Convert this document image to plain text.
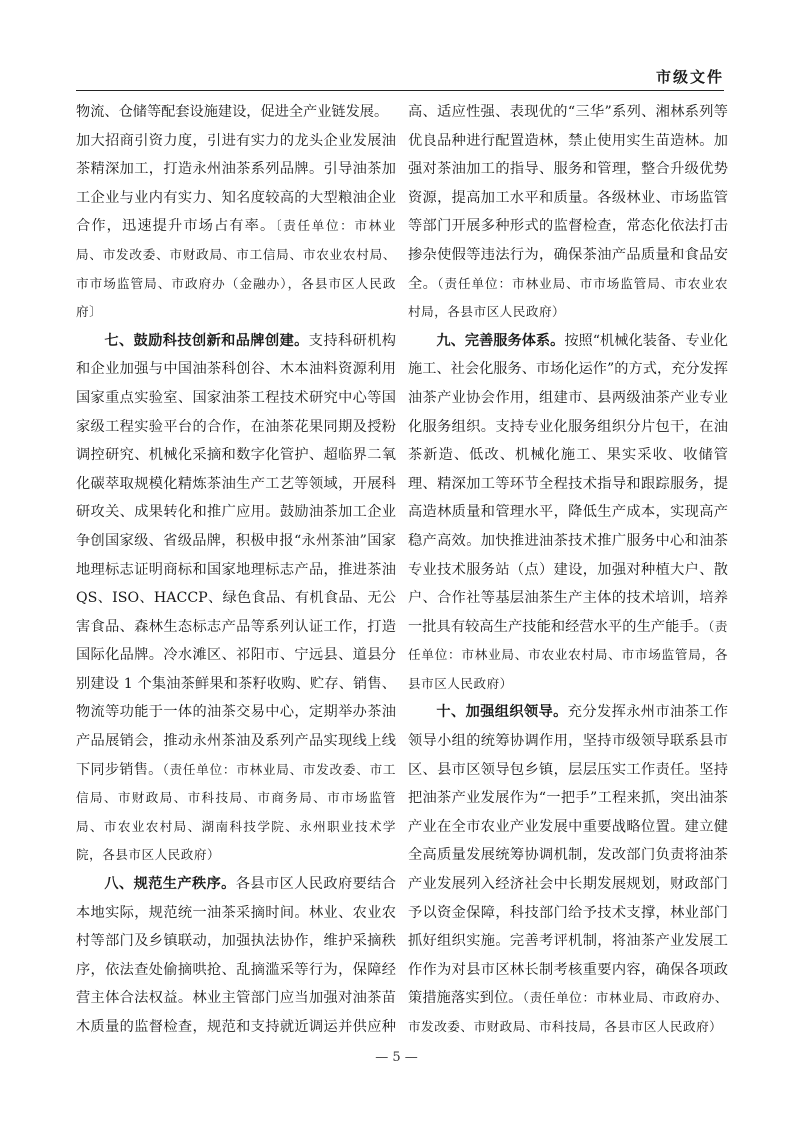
市级文件

物流、仓储等配套设施建设，促进全产业链发展。

加大招商引资力度，引进有实力的龙头企业发展油茶精深加工，打造永州油茶系列品牌。引导油茶加工企业与业内有实力、知名度较高的大型粮油企业合作，迅速提升市场占有率。〔责任单位：市林业局、市发改委、市财政局、市工信局、市农业农村局、市市场监管局、市政府办（金融办），各县市区人民政府〕

七、鼓励科技创新和品牌创建。支持科研机构和企业加强与中国油茶科创谷、木本油料资源利用国家重点实验室、国家油茶工程技术研究中心等国家级工程实验平台的合作，在油茶花果同期及授粉调控研究、机械化采摘和数字化管护、超临界二氧化碳萃取规模化精炼茶油生产工艺等领域，开展科研攻关、成果转化和推广应用。鼓励油茶加工企业争创国家级、省级品牌，积极申报“永州茶油”国家地理标志证明商标和国家地理标志产品，推进茶油 QS、ISO、HACCP、绿色食品、有机食品、无公害食品、森林生态标志产品等系列认证工作，打造国际化品牌。冷水滩区、祁阳市、宁远县、道县分别建设 1 个集油茶鲜果和茶籽收购、贮存、销售、物流等功能于一体的油茶交易中心，定期举办茶油产品展销会，推动永州茶油及系列产品实现线上线下同步销售。（责任单位：市林业局、市发改委、市工信局、市财政局、市科技局、市商务局、市市场监管局、市农业农村局、湖南科技学院、永州职业技术学院，各县市区人民政府）

八、规范生产秩序。各县市区人民政府要结合本地实际，规范统一油茶采摘时间。林业、农业农村等部门及乡镇联动，加强执法协作，维护采摘秩序，依法查处偷摘哄抢、乱摘滥采等行为，保障经营主体合法权益。林业主管部门应当加强对油茶苗木质量的监督检查，规范和支持就近调运并供应种

高、适应性强、表现优的“三华”系列、湘林系列等优良品种进行配置造林，禁止使用实生苗造林。加强对茶油加工的指导、服务和管理，整合升级优势资源，提高加工水平和质量。各级林业、市场监管等部门开展多种形式的监督检查，常态化依法打击掺杂使假等违法行为，确保茶油产品质量和食品安全。（责任单位：市林业局、市市场监管局、市农业农村局，各县市区人民政府）

九、完善服务体系。按照“机械化装备、专业化施工、社会化服务、市场化运作”的方式，充分发挥油茶产业协会作用，组建市、县两级油茶产业专业化服务组织。支持专业化服务组织分片包干，在油茶新造、低改、机械化施工、果实采收、收储管理、精深加工等环节全程技术指导和跟踪服务，提高造林质量和管理水平，降低生产成本，实现高产稳产高效。加快推进油茶技术推广服务中心和油茶专业技术服务站（点）建设，加强对种植大户、散户、合作社等基层油茶生产主体的技术培训，培养一批具有较高生产技能和经营水平的生产能手。（责任单位：市林业局、市农业农村局、市市场监管局，各县市区人民政府）

十、加强组织领导。充分发挥永州市油茶工作领导小组的统筹协调作用，坚持市级领导联系县市区、县市区领导包乡镇，层层压实工作责任。坚持把油茶产业发展作为“一把手”工程来抓，突出油茶产业在全市农业产业发展中重要战略位置。建立健全高质量发展统筹协调机制，发改部门负责将油茶产业发展列入经济社会中长期发展规划，财政部门予以资金保障，科技部门给予技术支撑，林业部门抓好组织实施。完善考评机制，将油茶产业发展工作作为对县市区林长制考核重要内容，确保各项政策措施落实到位。（责任单位：市林业局、市政府办、市发改委、市财政局、市科技局，各县市区人民政府）

— 5 —
